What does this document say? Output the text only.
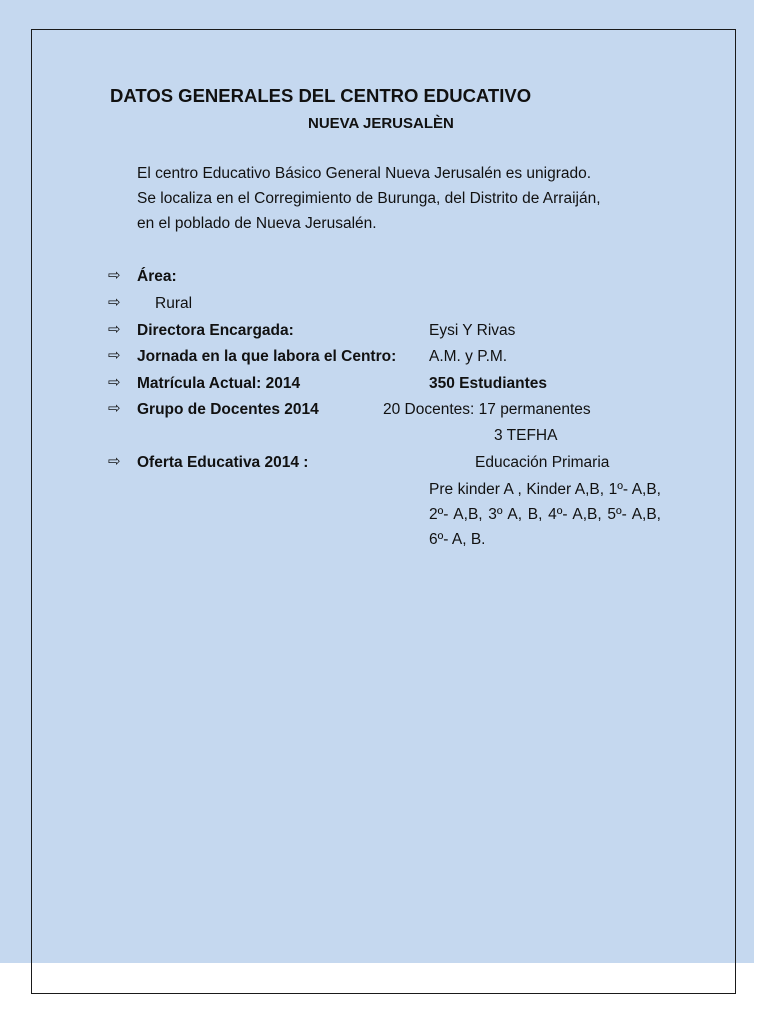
DATOS GENERALES DEL CENTRO EDUCATIVO
NUEVA JERUSALÈN
El centro Educativo Básico General Nueva Jerusalén es unigrado.
Se localiza en el Corregimiento de Burunga, del Distrito de Arraiján,
en el poblado de Nueva Jerusalén.
⇨ Área:
⇨ Rural
⇨ Directora Encargada:	Eysi Y Rivas
⇨ Jornada en la que labora el Centro: A.M. y P.M.
⇨ Matrícula Actual: 2014	350 Estudiantes
⇨ Grupo de Docentes 2014	20 Docentes: 17 permanentes
3 TEFHA
⇨ Oferta Educativa 2014 :	Educación Primaria
Pre kinder A , Kinder A,B, 1º- A,B, 2º- A,B, 3º A, B, 4º- A,B, 5º- A,B, 6º- A, B.
